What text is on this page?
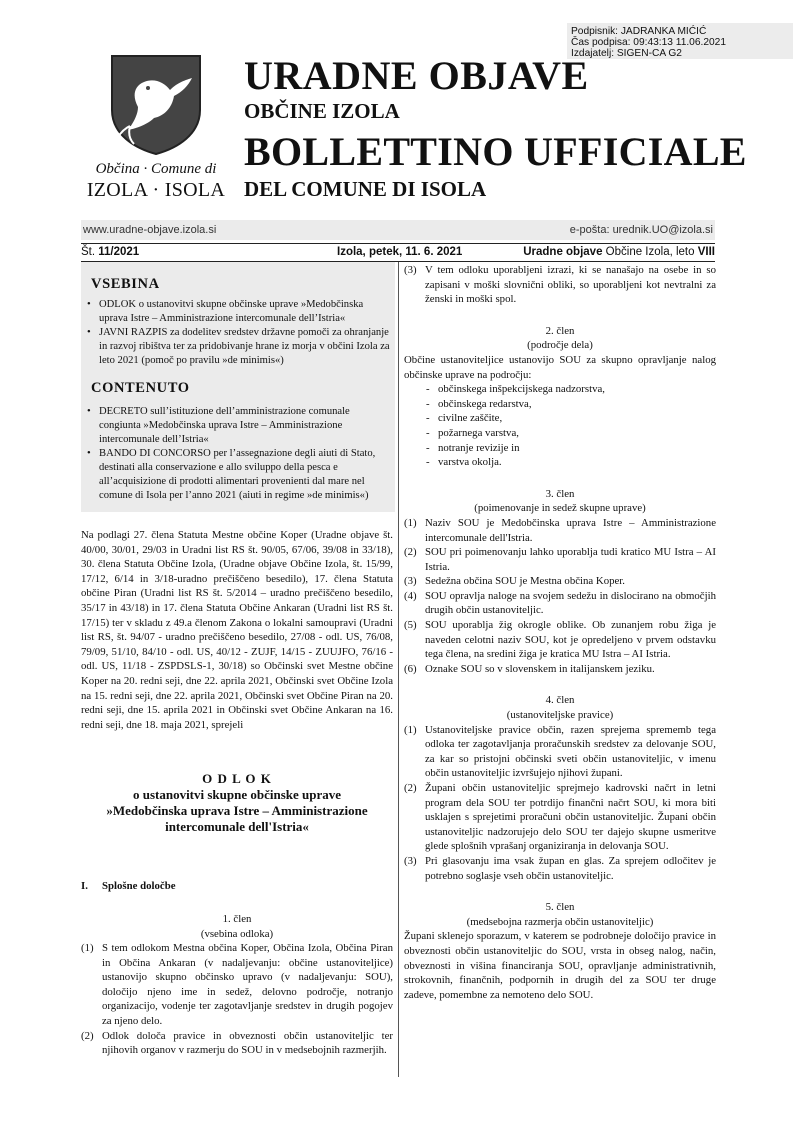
Podpisnik: JADRANKA MIĆIĆ
Čas podpisa: 09:43:13 11.06.2021
Izdajatelj: SIGEN-CA G2
Občina · Comune di
IZOLA · ISOLA
URADNE OBJAVE
OBČINE IZOLA
BOLLETTINO UFFICIALE
DEL COMUNE DI ISOLA
www.uradne-objave.izola.si	e-pošta: urednik.UO@izola.si
Št. 11/2021	Izola, petek, 11. 6. 2021	Uradne objave Občine Izola, leto VIII
VSEBINA
• ODLOK o ustanovitvi skupne občinske uprave »Medobčinska uprava Istre – Amministrazione intercomunale dell’Istria«
• JAVNI RAZPIS za dodelitev sredstev državne pomoči za ohranjanje in razvoj ribištva ter za pridobivanje hrane iz morja v občini Izola za leto 2021 (pomoč po pravilu »de minimis«)
CONTENUTO
• DECRETO sull’istituzione dell’amministrazione comunale congiunta »Medobčinska uprava Istre – Amministrazione intercomunale dell’Istria«
• BANDO DI CONCORSO per l’assegnazione degli aiuti di Stato, destinati alla conservazione e allo sviluppo della pesca e all’acquisizione di prodotti alimentari provenienti dal mare nel comune di Isola per l’anno 2021 (aiuti in regime »de minimis«)
Na podlagi 27. člena Statuta Mestne občine Koper (Uradne objave št. 40/00, 30/01, 29/03 in Uradni list RS št. 90/05, 67/06, 39/08 in 33/18), 30. člena Statuta Občine Izola, (Uradne objave Občine Izola, št. 15/99, 17/12, 6/14 in 3/18-uradno prečiščeno besedilo), 17. člena Statuta občine Piran (Uradni list RS št. 5/2014 – uradno prečiščeno besedilo, 35/17 in 43/18) in 17. člena Statuta Občine Ankaran (Uradni list RS št. 17/15) ter v skladu z 49.a členom Zakona o lokalni samoupravi (Uradni list RS, št. 94/07 - uradno prečiščeno besedilo, 27/08 - odl. US, 76/08, 79/09, 51/10, 84/10 - odl. US, 40/12 - ZUJF, 14/15 - ZUUJFO, 76/16 - odl. US, 11/18 - ZSPDSLS-1, 30/18) so Občinski svet Mestne občine Koper na 20. redni seji, dne 22. aprila 2021, Občinski svet Občine Izola na 15. redni seji, dne 22. aprila 2021, Občinski svet Občine Piran na 20. redni seji, dne 15. aprila 2021 in Občinski svet Občine Ankaran na 16. redni seji, dne 18. maja 2021, sprejeli
O D L O K
o ustanovitvi skupne občinske uprave
»Medobčinska uprava Istre – Amministrazione
intercomunale dell'Istria«
I. Splošne določbe
1. člen
(vsebina odloka)
(1) S tem odlokom Mestna občina Koper, Občina Izola, Občina Piran in Občina Ankaran (v nadaljevanju: občine ustanoviteljice) ustanovijo skupno občinsko upravo (v nadaljevanju: SOU), določijo njeno ime in sedež, delovno področje, notranjo organizacijo, vodenje ter zagotavljanje sredstev in drugih pogojev za njeno delo.
(2) Odlok določa pravice in obveznosti občin ustanoviteljic ter njihovih organov v razmerju do SOU in v medsebojnih razmerjih.
(3) V tem odloku uporabljeni izrazi, ki se nanašajo na osebe in so zapisani v moški slovnični obliki, so uporabljeni kot nevtralni za ženski in moški spol.
2. člen
(področje dela)
Občine ustanoviteljice ustanovijo SOU za skupno opravljanje nalog občinske uprave na področju:
- občinskega inšpekcijskega nadzorstva,
- občinskega redarstva,
- civilne zaščite,
- požarnega varstva,
- notranje revizije in
- varstva okolja.
3. člen
(poimenovanje in sedež skupne uprave)
(1) Naziv SOU je Medobčinska uprava Istre – Amministrazione intercomunale dell'Istria.
(2) SOU pri poimenovanju lahko uporablja tudi kratico MU Istra – AI Istria.
(3) Sedežna občina SOU je Mestna občina Koper.
(4) SOU opravlja naloge na svojem sedežu in dislocirano na območjih drugih občin ustanoviteljic.
(5) SOU uporablja žig okrogle oblike. Ob zunanjem robu žiga je naveden celotni naziv SOU, kot je opredeljeno v prvem odstavku tega člena, na sredini žiga je kratica MU Istra – AI Istria.
(6) Oznake SOU so v slovenskem in italijanskem jeziku.
4. člen
(ustanoviteljske pravice)
(1) Ustanoviteljske pravice občin, razen sprejema sprememb tega odloka ter zagotavljanja proračunskih sredstev za delovanje SOU, za kar so pristojni občinski sveti občin ustanoviteljic, v imenu občin ustanoviteljic izvršujejo njihovi župani.
(2) Župani občin ustanoviteljic sprejmejo kadrovski načrt in letni program dela SOU ter potrdijo finančni načrt SOU, ki mora biti usklajen s sprejetimi proračuni občin ustanoviteljic. Župani občin ustanoviteljic nadzorujejo delo SOU ter dajejo skupne usmeritve glede splošnih vprašanj organiziranja in delovanja SOU.
(3) Pri glasovanju ima vsak župan en glas. Za sprejem odločitev je potrebno soglasje vseh občin ustanoviteljic.
5. člen
(medsebojna razmerja občin ustanoviteljic)
Župani sklenejo sporazum, v katerem se podrobneje določijo pravice in obveznosti občin ustanoviteljic do SOU, vrsta in obseg nalog, način, obveznosti in višina financiranja SOU, opravljanje administrativnih, strokovnih, finančnih, podpornih in drugih del za SOU ter druge zadeve, pomembne za nemoteno delo SOU.
